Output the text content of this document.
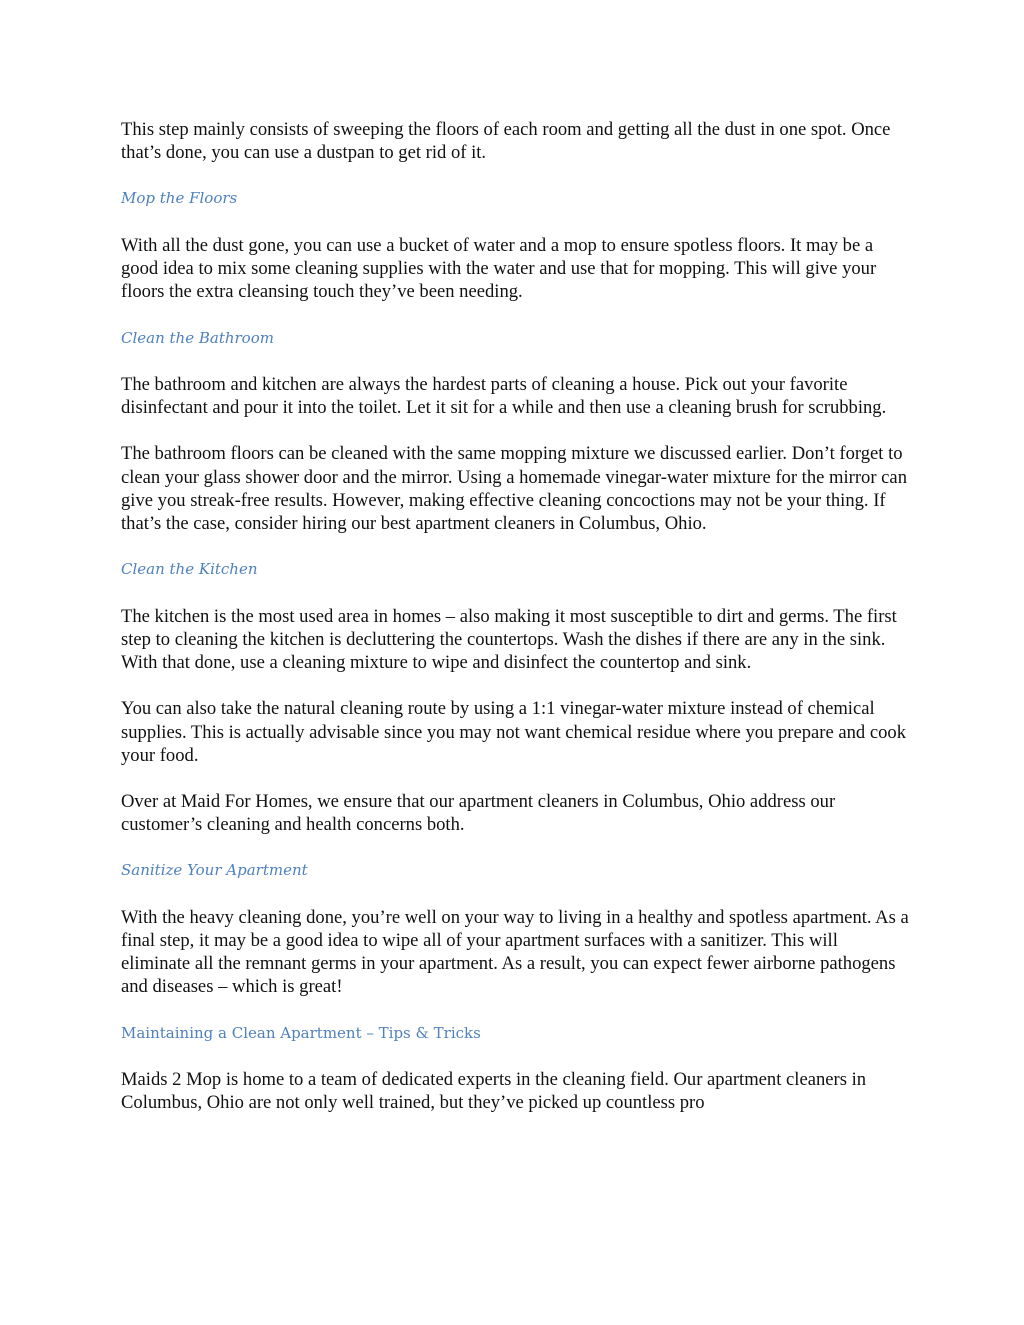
This step mainly consists of sweeping the floors of each room and getting all the dust in one spot. Once that’s done, you can use a dustpan to get rid of it.

Mop the Floors

With all the dust gone, you can use a bucket of water and a mop to ensure spotless floors. It may be a good idea to mix some cleaning supplies with the water and use that for mopping. This will give your floors the extra cleansing touch they’ve been needing.

Clean the Bathroom

The bathroom and kitchen are always the hardest parts of cleaning a house. Pick out your favorite disinfectant and pour it into the toilet. Let it sit for a while and then use a cleaning brush for scrubbing.

The bathroom floors can be cleaned with the same mopping mixture we discussed earlier. Don’t forget to clean your glass shower door and the mirror. Using a homemade vinegar-water mixture for the mirror can give you streak-free results. However, making effective cleaning concoctions may not be your thing. If that’s the case, consider hiring our best apartment cleaners in Columbus, Ohio.

Clean the Kitchen

The kitchen is the most used area in homes – also making it most susceptible to dirt and germs. The first step to cleaning the kitchen is decluttering the countertops. Wash the dishes if there are any in the sink. With that done, use a cleaning mixture to wipe and disinfect the countertop and sink.

You can also take the natural cleaning route by using a 1:1 vinegar-water mixture instead of chemical supplies. This is actually advisable since you may not want chemical residue where you prepare and cook your food.

Over at Maid For Homes, we ensure that our apartment cleaners in Columbus, Ohio address our customer’s cleaning and health concerns both.

Sanitize Your Apartment

With the heavy cleaning done, you’re well on your way to living in a healthy and spotless apartment. As a final step, it may be a good idea to wipe all of your apartment surfaces with a sanitizer. This will eliminate all the remnant germs in your apartment. As a result, you can expect fewer airborne pathogens and diseases – which is great!

Maintaining a Clean Apartment – Tips & Tricks

Maids 2 Mop is home to a team of dedicated experts in the cleaning field. Our apartment cleaners in Columbus, Ohio are not only well trained, but they’ve picked up countless pro
